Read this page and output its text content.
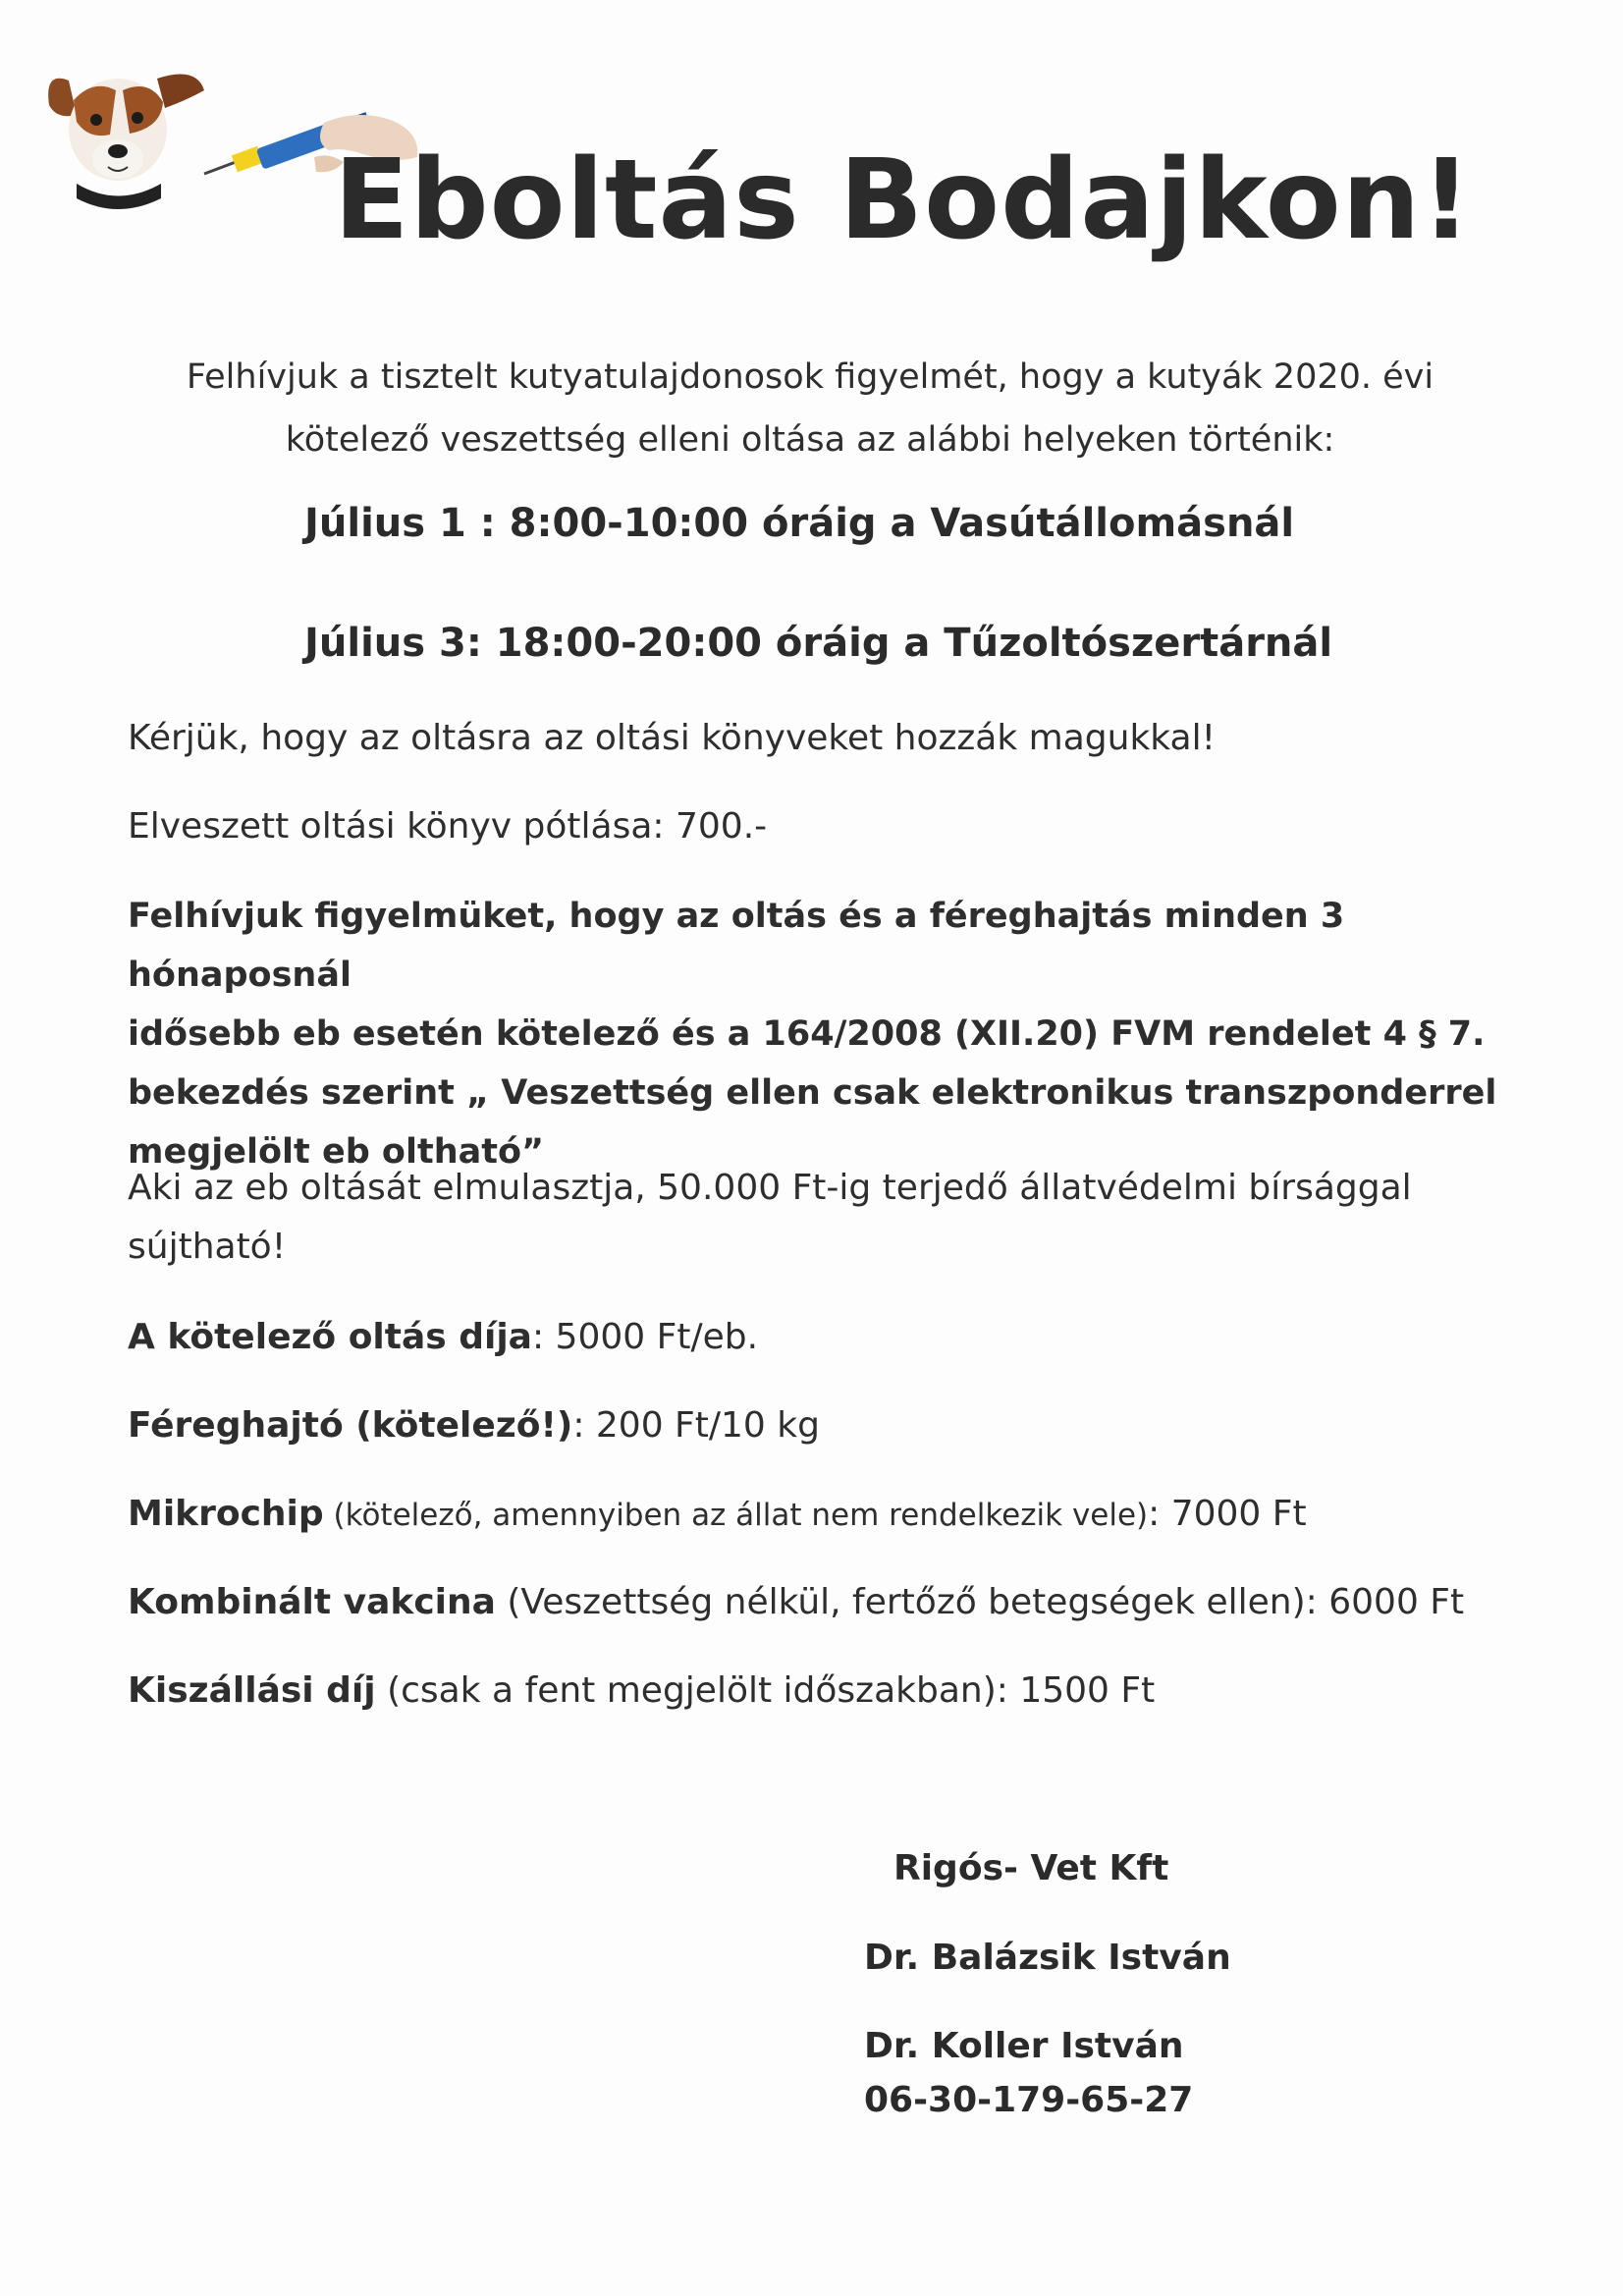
Eboltás Bodajkon!
Felhívjuk a tisztelt kutyatulajdonosok figyelmét, hogy a kutyák 2020. évi
kötelező veszettség elleni oltása az alábbi helyeken történik:
Július 1 : 8:00-10:00 óráig a Vasútállomásnál
Július 3: 18:00-20:00 óráig a Tűzoltószertárnál
Kérjük, hogy az oltásra az oltási könyveket hozzák magukkal!
Elveszett oltási könyv pótlása: 700.-
Felhívjuk figyelmüket, hogy az oltás és a féreghajtás minden 3 hónaposnál
idősebb eb esetén kötelező és a 164/2008 (XII.20) FVM rendelet 4 § 7.
bekezdés szerint „ Veszettség ellen csak elektronikus transzponderrel
megjelölt eb oltható”
Aki az eb oltását elmulasztja, 50.000 Ft-ig terjedő állatvédelmi bírsággal
sújtható!
A kötelező oltás díja: 5000 Ft/eb.
Féreghajtó (kötelező!): 200 Ft/10 kg
Mikrochip (kötelező, amennyiben az állat nem rendelkezik vele): 7000 Ft
Kombinált vakcina (Veszettség nélkül, fertőző betegségek ellen): 6000 Ft
Kiszállási díj (csak a fent megjelölt időszakban): 1500 Ft
Rigós- Vet Kft
Dr. Balázsik István
Dr. Koller István
06-30-179-65-27
